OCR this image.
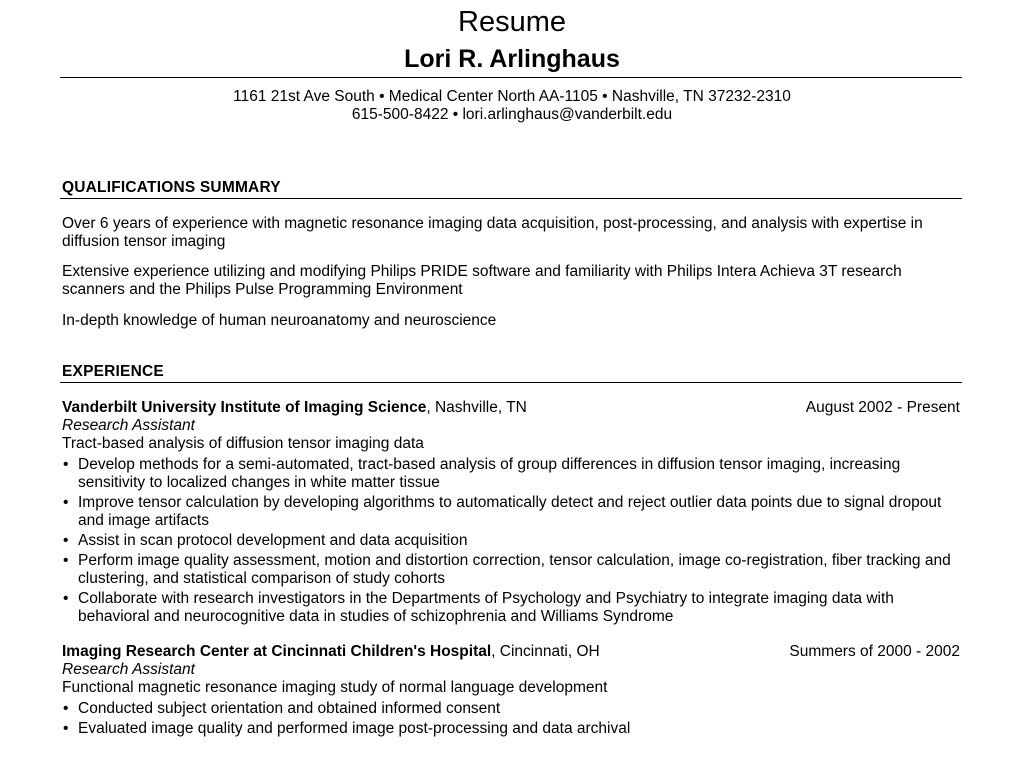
Resume
Lori R. Arlinghaus
1161 21st Ave South • Medical Center North AA-1105 • Nashville, TN 37232-2310
615-500-8422 • lori.arlinghaus@vanderbilt.edu
QUALIFICATIONS SUMMARY
Over 6 years of experience with magnetic resonance imaging data acquisition, post-processing, and analysis with expertise in diffusion tensor imaging
Extensive experience utilizing and modifying Philips PRIDE software and familiarity with Philips Intera Achieva 3T research scanners and the Philips Pulse Programming Environment
In-depth knowledge of human neuroanatomy and neuroscience
EXPERIENCE
Vanderbilt University Institute of Imaging Science, Nashville, TN	August 2002 - Present
Research Assistant
Tract-based analysis of diffusion tensor imaging data
• Develop methods for a semi-automated, tract-based analysis of group differences in diffusion tensor imaging, increasing sensitivity to localized changes in white matter tissue
• Improve tensor calculation by developing algorithms to automatically detect and reject outlier data points due to signal dropout and image artifacts
• Assist in scan protocol development and data acquisition
• Perform image quality assessment, motion and distortion correction, tensor calculation, image co-registration, fiber tracking and clustering, and statistical comparison of study cohorts
• Collaborate with research investigators in the Departments of Psychology and Psychiatry to integrate imaging data with behavioral and neurocognitive data in studies of schizophrenia and Williams Syndrome
Imaging Research Center at Cincinnati Children's Hospital, Cincinnati, OH	Summers of 2000 - 2002
Research Assistant
Functional magnetic resonance imaging study of normal language development
• Conducted subject orientation and obtained informed consent
• Evaluated image quality and performed image post-processing and data archival
